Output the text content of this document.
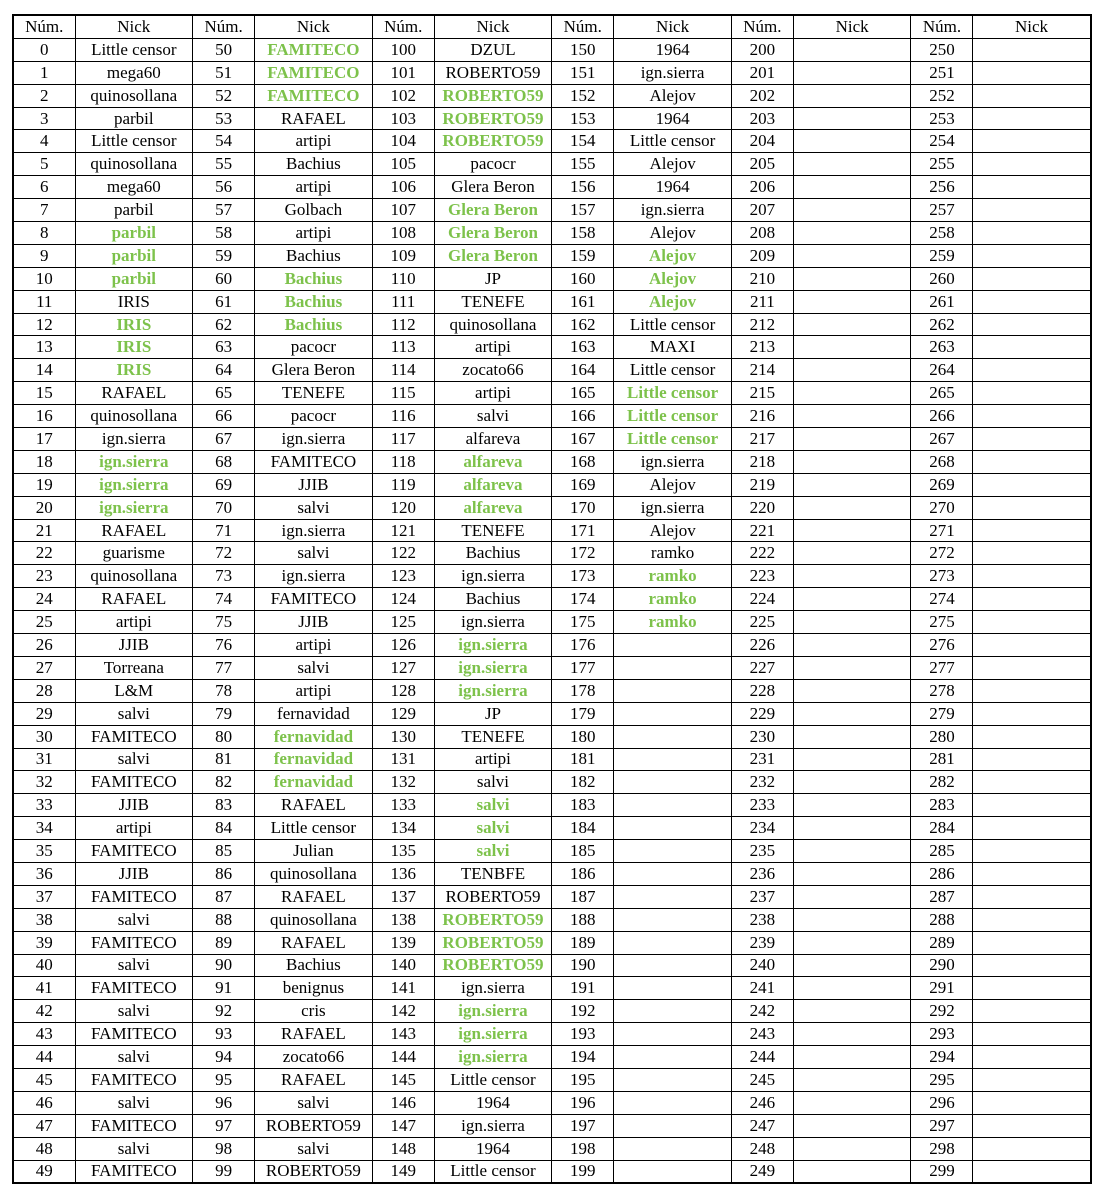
Núm.	Nick	Núm.	Nick	Núm.	Nick	Núm.	Nick	Núm.	Nick	Núm.	Nick
0	Little censor	50	FAMITECO	100	DZUL	150	1964	200		250	
1	mega60	51	FAMITECO	101	ROBERTO59	151	ign.sierra	201		251	
2	quinosollana	52	FAMITECO	102	ROBERTO59	152	Alejov	202		252	
3	parbil	53	RAFAEL	103	ROBERTO59	153	1964	203		253	
4	Little censor	54	artipi	104	ROBERTO59	154	Little censor	204		254	
5	quinosollana	55	Bachius	105	pacocr	155	Alejov	205		255	
6	mega60	56	artipi	106	Glera Beron	156	1964	206		256	
7	parbil	57	Golbach	107	Glera Beron	157	ign.sierra	207		257	
8	parbil	58	artipi	108	Glera Beron	158	Alejov	208		258	
9	parbil	59	Bachius	109	Glera Beron	159	Alejov	209		259	
10	parbil	60	Bachius	110	JP	160	Alejov	210		260	
11	IRIS	61	Bachius	111	TENEFE	161	Alejov	211		261	
12	IRIS	62	Bachius	112	quinosollana	162	Little censor	212		262	
13	IRIS	63	pacocr	113	artipi	163	MAXI	213		263	
14	IRIS	64	Glera Beron	114	zocato66	164	Little censor	214		264	
15	RAFAEL	65	TENEFE	115	artipi	165	Little censor	215		265	
16	quinosollana	66	pacocr	116	salvi	166	Little censor	216		266	
17	ign.sierra	67	ign.sierra	117	alfareva	167	Little censor	217		267	
18	ign.sierra	68	FAMITECO	118	alfareva	168	ign.sierra	218		268	
19	ign.sierra	69	JJIB	119	alfareva	169	Alejov	219		269	
20	ign.sierra	70	salvi	120	alfareva	170	ign.sierra	220		270	
21	RAFAEL	71	ign.sierra	121	TENEFE	171	Alejov	221		271	
22	guarisme	72	salvi	122	Bachius	172	ramko	222		272	
23	quinosollana	73	ign.sierra	123	ign.sierra	173	ramko	223		273	
24	RAFAEL	74	FAMITECO	124	Bachius	174	ramko	224		274	
25	artipi	75	JJIB	125	ign.sierra	175	ramko	225		275	
26	JJIB	76	artipi	126	ign.sierra	176		226		276	
27	Torreana	77	salvi	127	ign.sierra	177		227		277	
28	L&M	78	artipi	128	ign.sierra	178		228		278	
29	salvi	79	fernavidad	129	JP	179		229		279	
30	FAMITECO	80	fernavidad	130	TENEFE	180		230		280	
31	salvi	81	fernavidad	131	artipi	181		231		281	
32	FAMITECO	82	fernavidad	132	salvi	182		232		282	
33	JJIB	83	RAFAEL	133	salvi	183		233		283	
34	artipi	84	Little censor	134	salvi	184		234		284	
35	FAMITECO	85	Julian	135	salvi	185		235		285	
36	JJIB	86	quinosollana	136	TENBFE	186		236		286	
37	FAMITECO	87	RAFAEL	137	ROBERTO59	187		237		287	
38	salvi	88	quinosollana	138	ROBERTO59	188		238		288	
39	FAMITECO	89	RAFAEL	139	ROBERTO59	189		239		289	
40	salvi	90	Bachius	140	ROBERTO59	190		240		290	
41	FAMITECO	91	benignus	141	ign.sierra	191		241		291	
42	salvi	92	cris	142	ign.sierra	192		242		292	
43	FAMITECO	93	RAFAEL	143	ign.sierra	193		243		293	
44	salvi	94	zocato66	144	ign.sierra	194		244		294	
45	FAMITECO	95	RAFAEL	145	Little censor	195		245		295	
46	salvi	96	salvi	146	1964	196		246		296	
47	FAMITECO	97	ROBERTO59	147	ign.sierra	197		247		297	
48	salvi	98	salvi	148	1964	198		248		298	
49	FAMITECO	99	ROBERTO59	149	Little censor	199		249		299	
